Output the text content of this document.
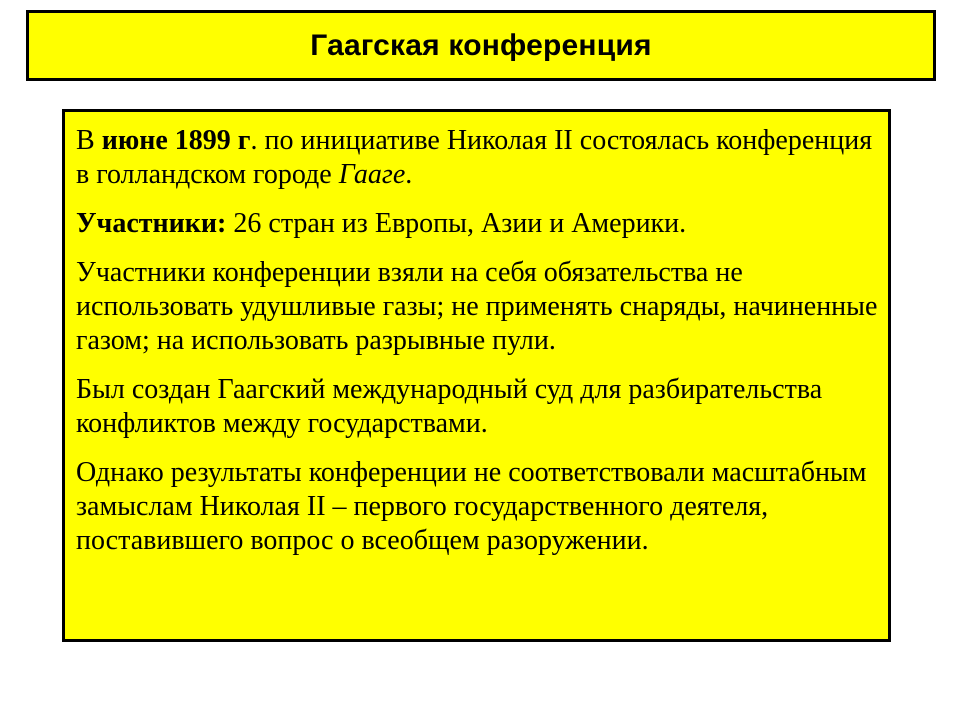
Гаагская конференция

В июне 1899 г. по инициативе Николая II состоялась конференция в голландском городе Гааге.

Участники: 26 стран из Европы, Азии и Америки.

Участники конференции взяли на себя обязательства не использовать удушливые газы; не применять снаряды, начиненные газом; на использовать разрывные пули.

Был создан Гаагский международный суд для разбирательства конфликтов между государствами.

Однако результаты конференции не соответствовали масштабным замыслам Николая II – первого государственного деятеля, поставившего вопрос о всеобщем разоружении.
